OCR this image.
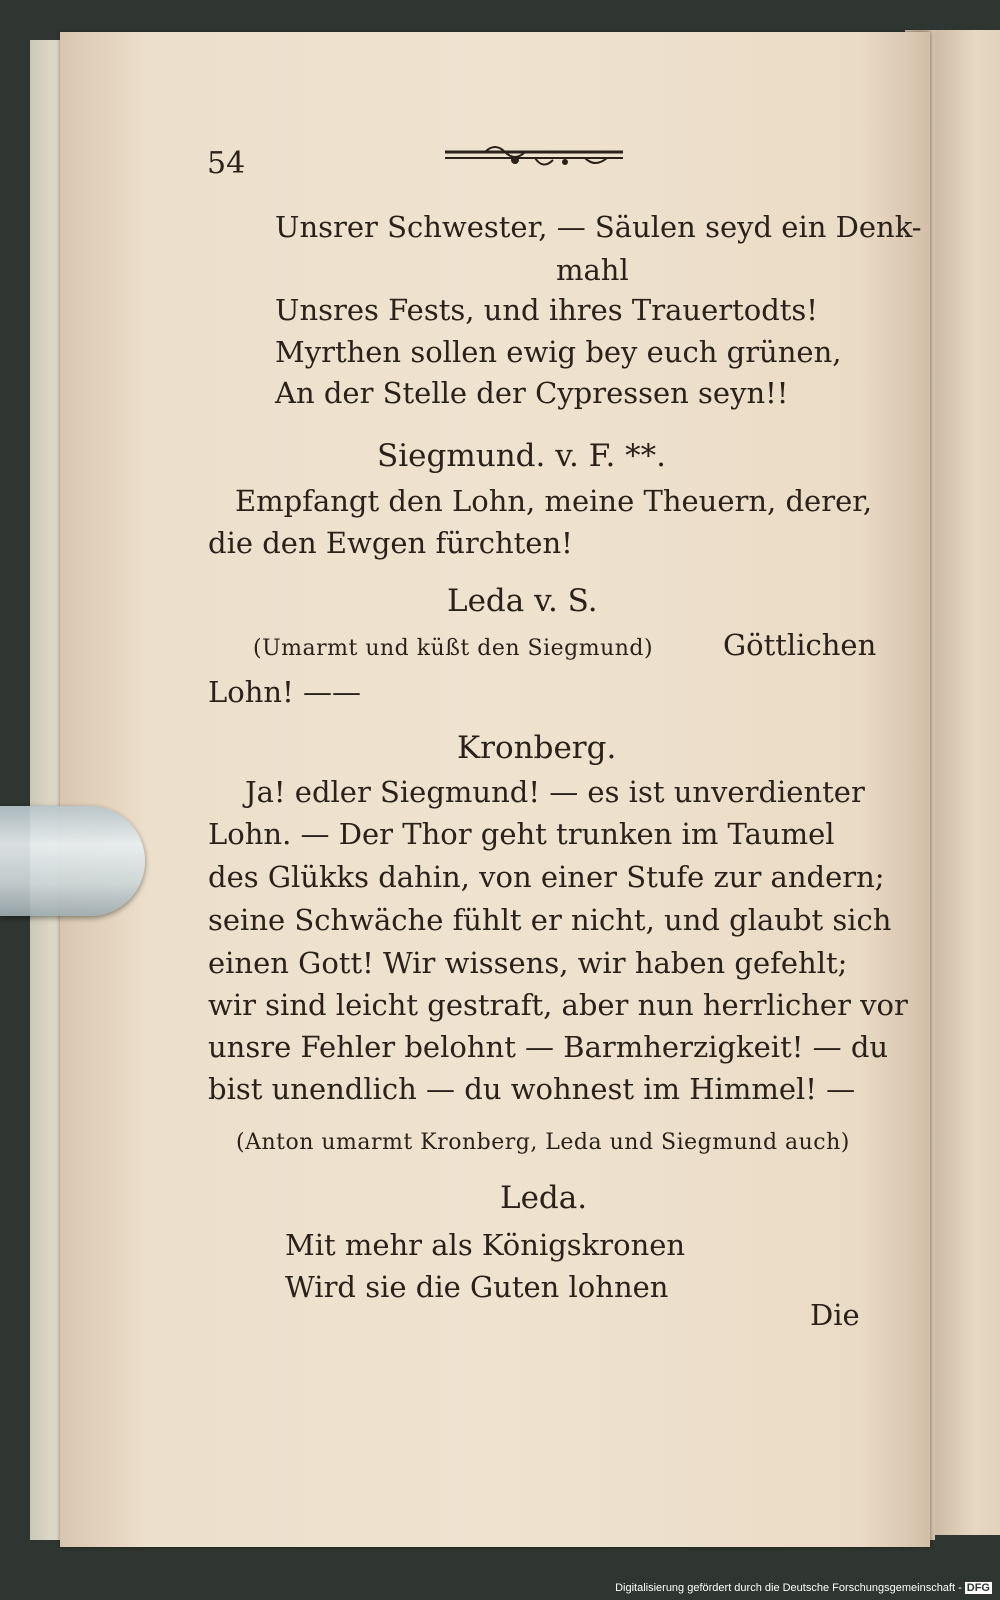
54
Unsrer Schwester, — Säulen seyd ein Denk-
mahl
Unsres Fests, und ihres Trauertodts!
Myrthen sollen ewig bey euch grünen,
An der Stelle der Cypressen seyn!!
Siegmund. v. F. **.
Empfangt den Lohn, meine Theuern, derer,
die den Ewgen fürchten!
Leda v. S.
(Umarmt und küßt den Siegmund) Göttlichen
Lohn! ——
Kronberg.
Ja! edler Siegmund! — es ist unverdienter
Lohn. — Der Thor geht trunken im Taumel
des Glükks dahin, von einer Stufe zur andern;
seine Schwäche fühlt er nicht, und glaubt sich
einen Gott! Wir wissens, wir haben gefehlt;
wir sind leicht gestraft, aber nun herrlicher vor
unsre Fehler belohnt — Barmherzigkeit! — du
bist unendlich — du wohnest im Himmel! —
(Anton umarmt Kronberg, Leda und Siegmund auch)
Leda.
Mit mehr als Königskronen
Wird sie die Guten lohnen
Die
Digitalisierung gefördert durch die Deutsche Forschungsgemeinschaft - DFG
